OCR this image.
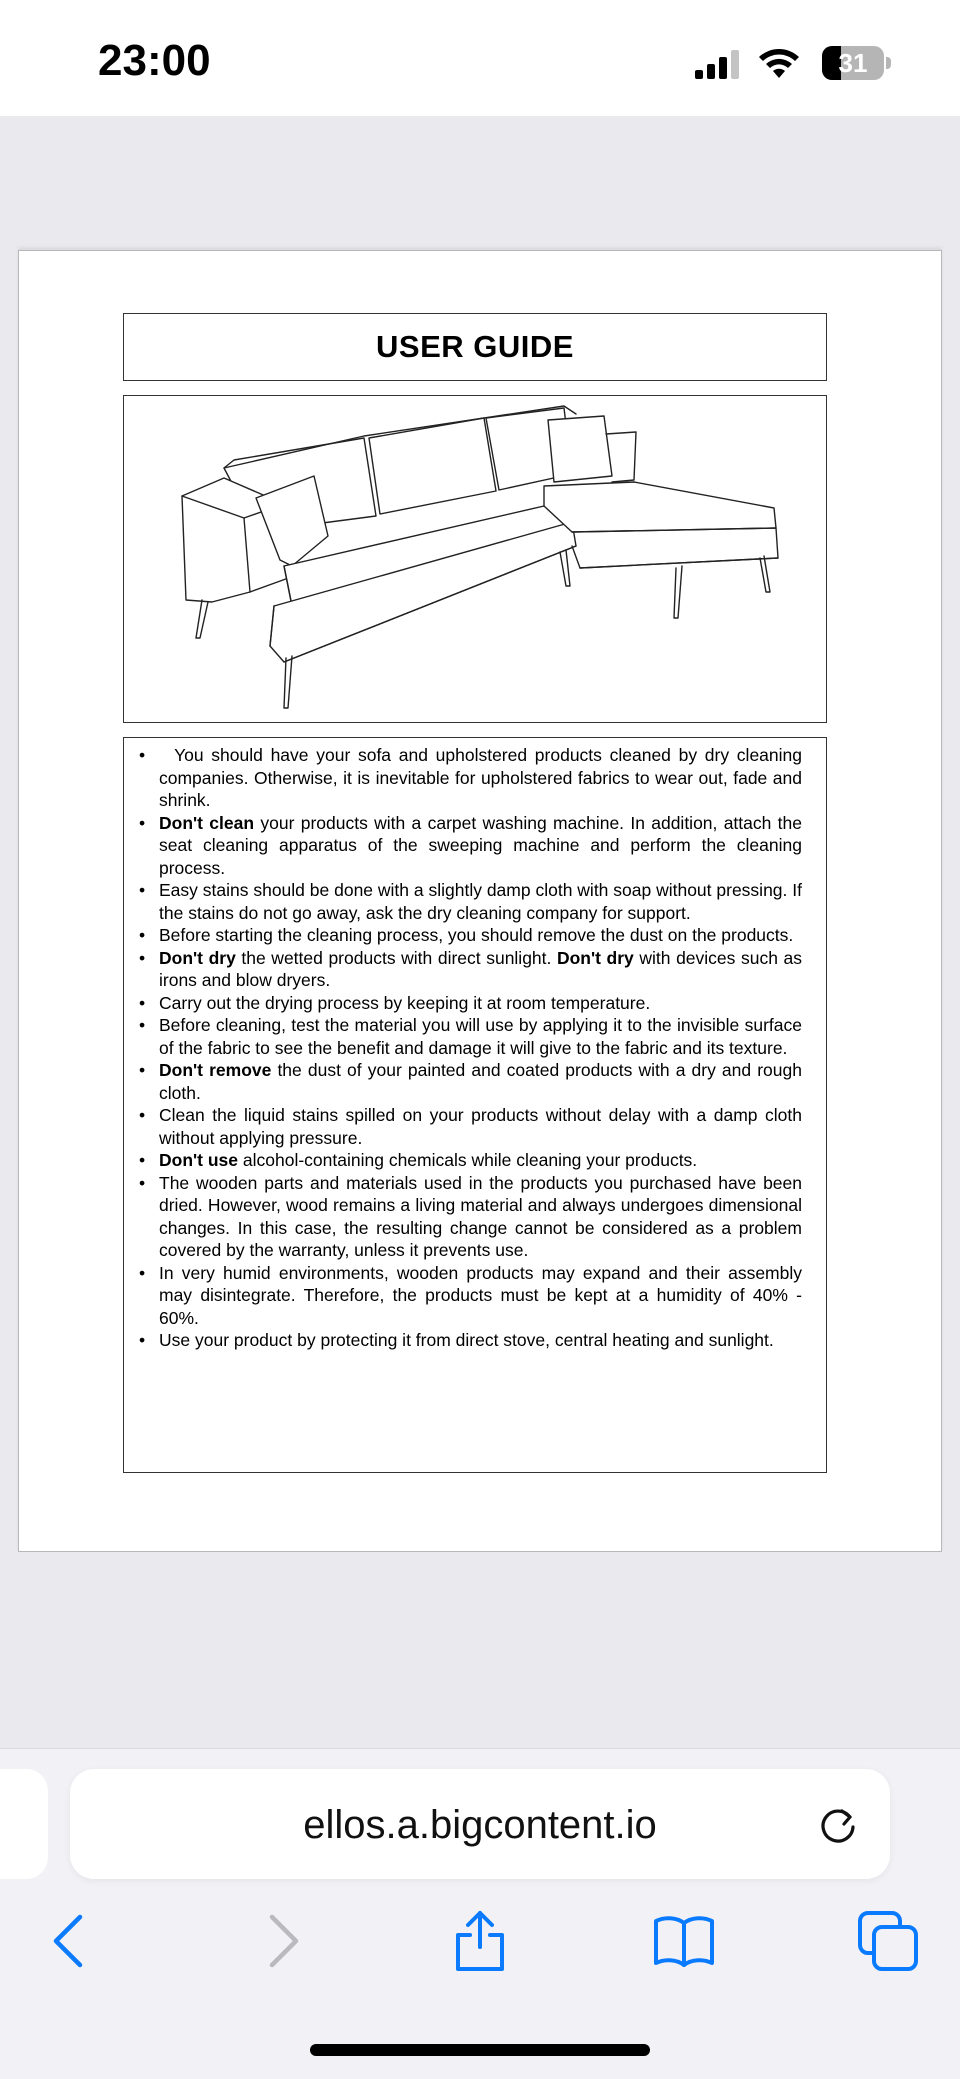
23:00	31
USER GUIDE
•   You should have your sofa and upholstered products cleaned by dry cleaning companies. Otherwise, it is inevitable for upholstered fabrics to wear out, fade and shrink.
• Don't clean your products with a carpet washing machine. In addition, attach the seat cleaning apparatus of the sweeping machine and perform the cleaning process.
• Easy stains should be done with a slightly damp cloth with soap without pressing. If the stains do not go away, ask the dry cleaning company for support.
• Before starting the cleaning process, you should remove the dust on the products.
• Don't dry the wetted products with direct sunlight. Don't dry with devices such as irons and blow dryers.
• Carry out the drying process by keeping it at room temperature.
• Before cleaning, test the material you will use by applying it to the invisible surface of the fabric to see the benefit and damage it will give to the fabric and its texture.
• Don't remove the dust of your painted and coated products with a dry and rough cloth.
• Clean the liquid stains spilled on your products without delay with a damp cloth without applying pressure.
• Don't use alcohol-containing chemicals while cleaning your products.
• The wooden parts and materials used in the products you purchased have been dried. However, wood remains a living material and always undergoes dimensional changes. In this case, the resulting change cannot be considered as a problem covered by the warranty, unless it prevents use.
• In very humid environments, wooden products may expand and their assembly may disintegrate. Therefore, the products must be kept at a humidity of 40% - 60%.
• Use your product by protecting it from direct stove, central heating and sunlight.
ellos.a.bigcontent.io
